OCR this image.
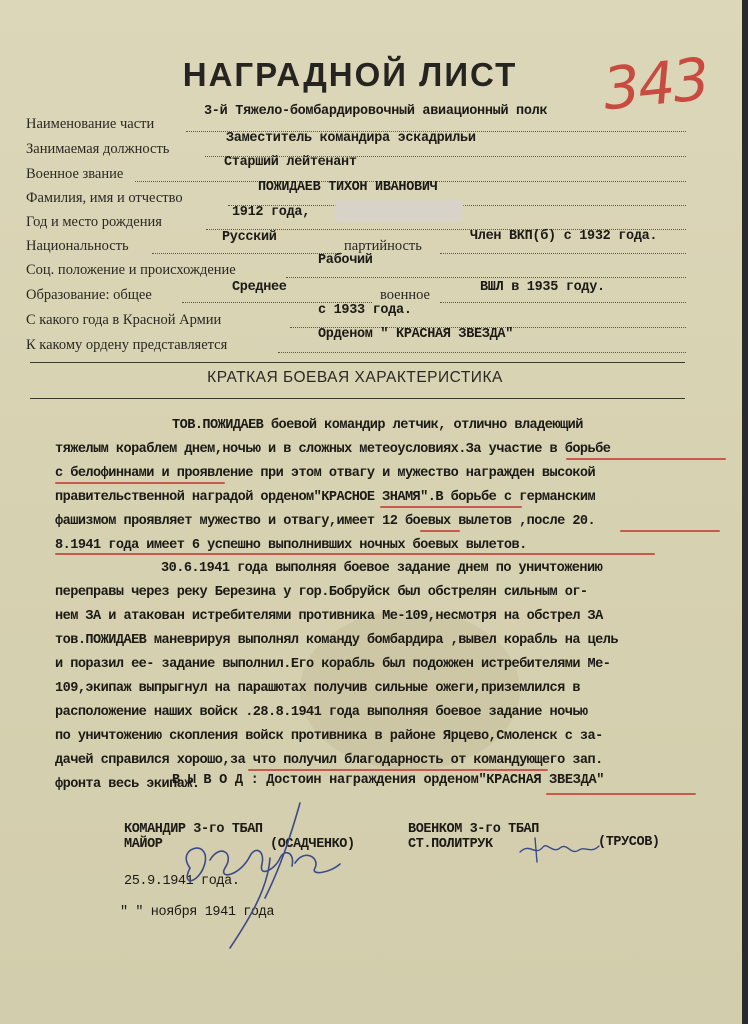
НАГРАДНОЙ ЛИСТ	343
Наименование части
3-й Тяжело-бомбардировочный авиационный полк
Занимаемая должность
Заместитель командира эскадрильи
Военное звание
Старший лейтенант
Фамилия, имя и отчество
ПОЖИДАЕВ ТИХОН ИВАНОВИЧ
Год и место рождения
1912 года,
Национальность
Русский
партийность
Член ВКП(б) с 1932 года.
Соц. положение и происхождение
Рабочий
Образование: общее	Среднее	военное	ВШЛ в 1935 году.
С какого года в Красной Армии
с 1933 года.
К какому ордену представляется
Орденом " КРАСНАЯ ЗВЕЗДА"
КРАТКАЯ БОЕВАЯ ХАРАКТЕРИСТИКА
ТОВ.ПОЖИДАЕВ боевой командир летчик, отлично владеющий
тяжелым кораблем днем,ночью и в сложных метеоусловиях.За участие в борьбе
с белофиннами и проявление при этом отвагу и мужество награжден высокой
правительственной наградой орденом"КРАСНОЕ ЗНАМЯ".В борьбе с германским
фашизмом проявляет мужество и отвагу,имеет 12 боевых вылетов ,после 20.
8.1941 года имеет 6 успешно выполнивших ночных боевых вылетов.
30.6.1941 года выполняя боевое задание днем по уничтожению
переправы через реку Березина у гор.Бобруйск был обстрелян сильным ог-
нем ЗА и атакован истребителями противника Ме-109,несмотря на обстрел ЗА
тов.ПОЖИДАЕВ маневрируя выполнял команду бомбардира ,вывел корабль на цель
и поразил ее- задание выполнил.Его корабль был подожжен истребителями Ме-
109,экипаж выпрыгнул на парашютах получив сильные ожеги,приземлился в
расположение наших войск .28.8.1941 года выполняя боевое задание ночью
по уничтожению скопления войск противника в районе Ярцево,Смоленск с за-
дачей справился хорошо,за что получил благодарность от командующего зап.
фронта весь экипаж.
В Ы В О Д : Достоин награждения орденом"КРАСНАЯ ЗВЕЗДА"
КОМАНДИР 3-го ТБАП
МАЙОР	(ОСАДЧЕНКО)
ВОЕНКОМ 3-го ТБАП
СТ.ПОЛИТРУК	(ТРУСОВ)
25.9.1941 года.
" " ноября 1941 года
